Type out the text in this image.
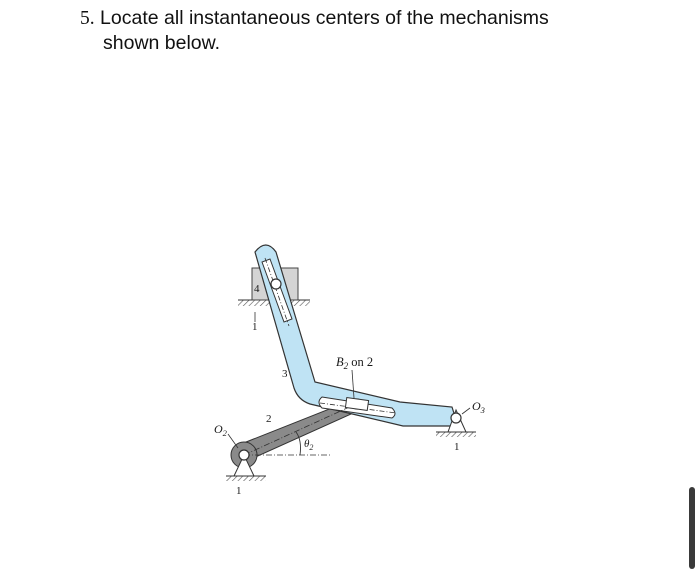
5. Locate all instantaneous centers of the mechanisms
shown below.
4
1
3
2
$B_2$ on 2
$O_2$
$O_3$
$\theta_2$
1
1
